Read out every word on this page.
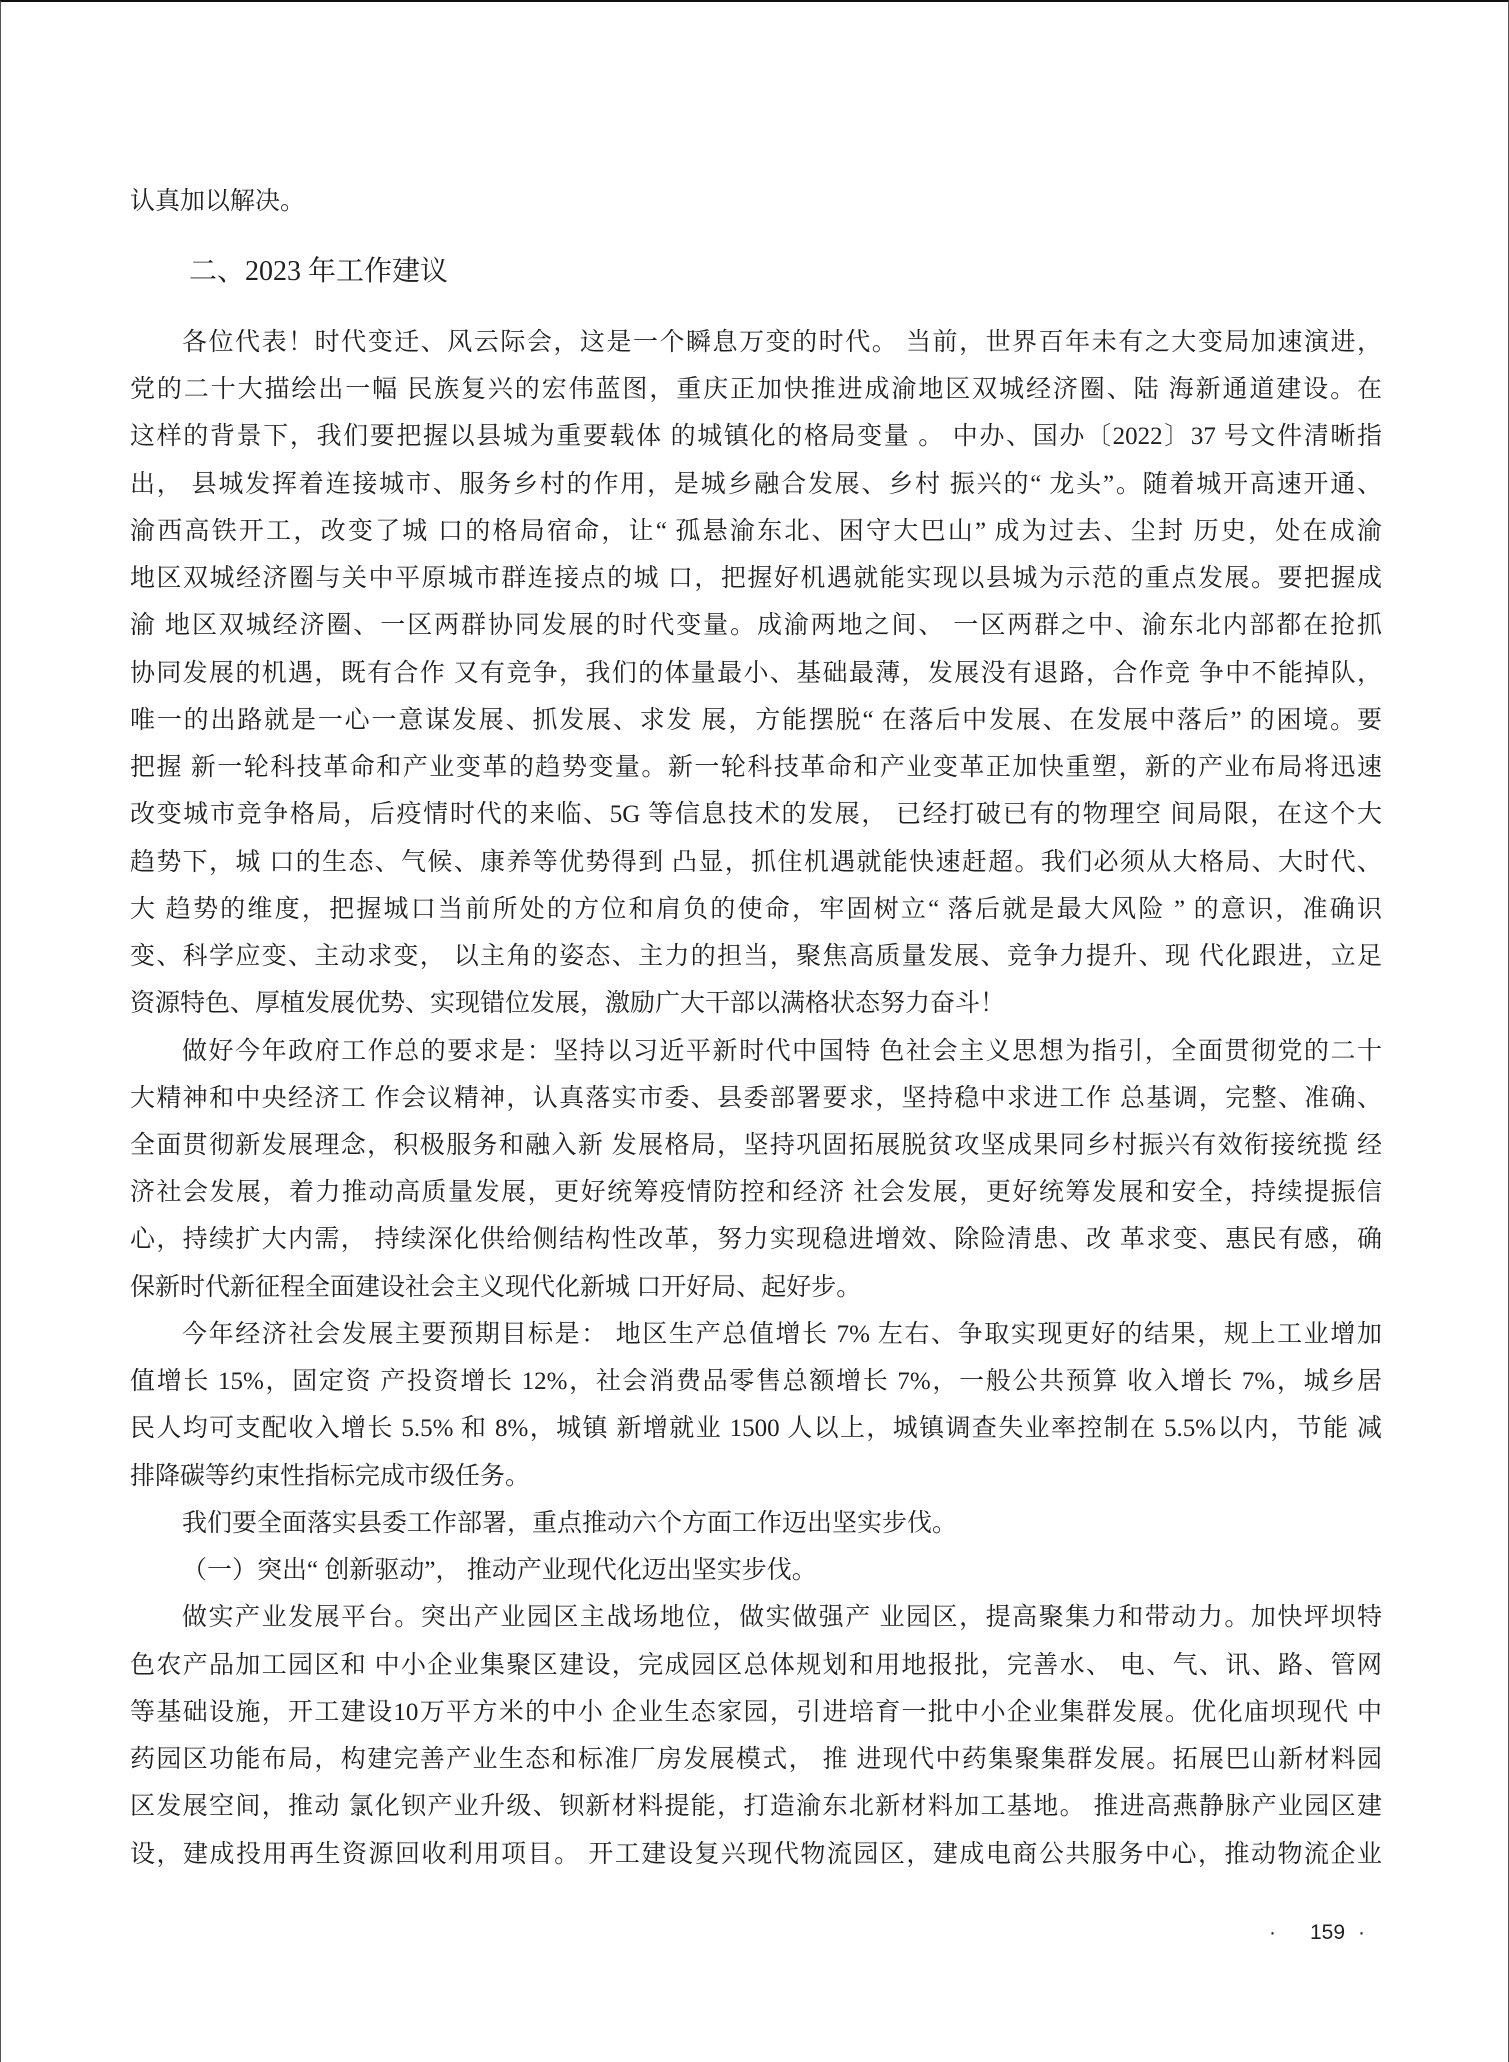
认真加以解决。
二、2023 年工作建议
各位代表！时代变迁、风云际会，这是一个瞬息万变的时代。 当前，世界百年未有之大变局加速演进，
党的二十大描绘出一幅 民族复兴的宏伟蓝图，重庆正加快推进成渝地区双城经济圈、陆 海新通道建设。在
这样的背景下，我们要把握以县城为重要载体 的城镇化的格局变量 。 中办、国办〔2022〕37 号文件清晰指
出， 县城发挥着连接城市、服务乡村的作用，是城乡融合发展、乡村 振兴的“ 龙头”。随着城开高速开通、
渝西高铁开工，改变了城 口的格局宿命，让“ 孤悬渝东北、困守大巴山” 成为过去、尘封 历史，处在成渝
地区双城经济圈与关中平原城市群连接点的城 口，把握好机遇就能实现以县城为示范的重点发展。要把握成
渝 地区双城经济圈、一区两群协同发展的时代变量。成渝两地之间、 一区两群之中、渝东北内部都在抢抓
协同发展的机遇，既有合作 又有竞争，我们的体量最小、基础最薄，发展没有退路，合作竞 争中不能掉队，
唯一的出路就是一心一意谋发展、抓发展、求发 展，方能摆脱“ 在落后中发展、在发展中落后” 的困境。要
把握 新一轮科技革命和产业变革的趋势变量。新一轮科技革命和产业变革正加快重塑，新的产业布局将迅速
改变城市竞争格局，后疫情时代的来临、5G 等信息技术的发展， 已经打破已有的物理空 间局限，在这个大
趋势下，城 口的生态、气候、康养等优势得到 凸显，抓住机遇就能快速赶超。我们必须从大格局、大时代、
大 趋势的维度，把握城口当前所处的方位和肩负的使命，牢固树立“ 落后就是最大风险 ” 的意识，准确识
变、科学应变、主动求变， 以主角的姿态、主力的担当，聚焦高质量发展、竞争力提升、现 代化跟进，立足
资源特色、厚植发展优势、实现错位发展，激励广大干部以满格状态努力奋斗！
做好今年政府工作总的要求是：坚持以习近平新时代中国特 色社会主义思想为指引，全面贯彻党的二十
大精神和中央经济工 作会议精神，认真落实市委、县委部署要求，坚持稳中求进工作 总基调，完整、准确、
全面贯彻新发展理念，积极服务和融入新 发展格局，坚持巩固拓展脱贫攻坚成果同乡村振兴有效衔接统揽 经
济社会发展，着力推动高质量发展，更好统筹疫情防控和经济 社会发展，更好统筹发展和安全，持续提振信
心，持续扩大内需， 持续深化供给侧结构性改革，努力实现稳进增效、除险清患、改 革求变、惠民有感，确
保新时代新征程全面建设社会主义现代化新城 口开好局、起好步。
今年经济社会发展主要预期目标是： 地区生产总值增长 7% 左右、争取实现更好的结果，规上工业增加
值增长 15%，固定资 产投资增长 12%，社会消费品零售总额增长 7%，一般公共预算 收入增长 7%，城乡居
民人均可支配收入增长 5.5% 和 8%，城镇 新增就业 1500 人以上，城镇调查失业率控制在 5.5%以内，节能 减
排降碳等约束性指标完成市级任务。
我们要全面落实县委工作部署，重点推动六个方面工作迈出坚实步伐。
（一）突出“ 创新驱动”， 推动产业现代化迈出坚实步伐。
做实产业发展平台。突出产业园区主战场地位，做实做强产 业园区，提高聚集力和带动力。加快坪坝特
色农产品加工园区和 中小企业集聚区建设，完成园区总体规划和用地报批，完善水、 电、气、讯、路、管网
等基础设施，开工建设10万平方米的中小 企业生态家园，引进培育一批中小企业集群发展。优化庙坝现代 中
药园区功能布局，构建完善产业生态和标准厂房发展模式， 推 进现代中药集聚集群发展。拓展巴山新材料园
区发展空间，推动 氯化钡产业升级、钡新材料提能，打造渝东北新材料加工基地。 推进高燕静脉产业园区建
设，建成投用再生资源回收利用项目。 开工建设复兴现代物流园区，建成电商公共服务中心，推动物流企业
· 159 ·
